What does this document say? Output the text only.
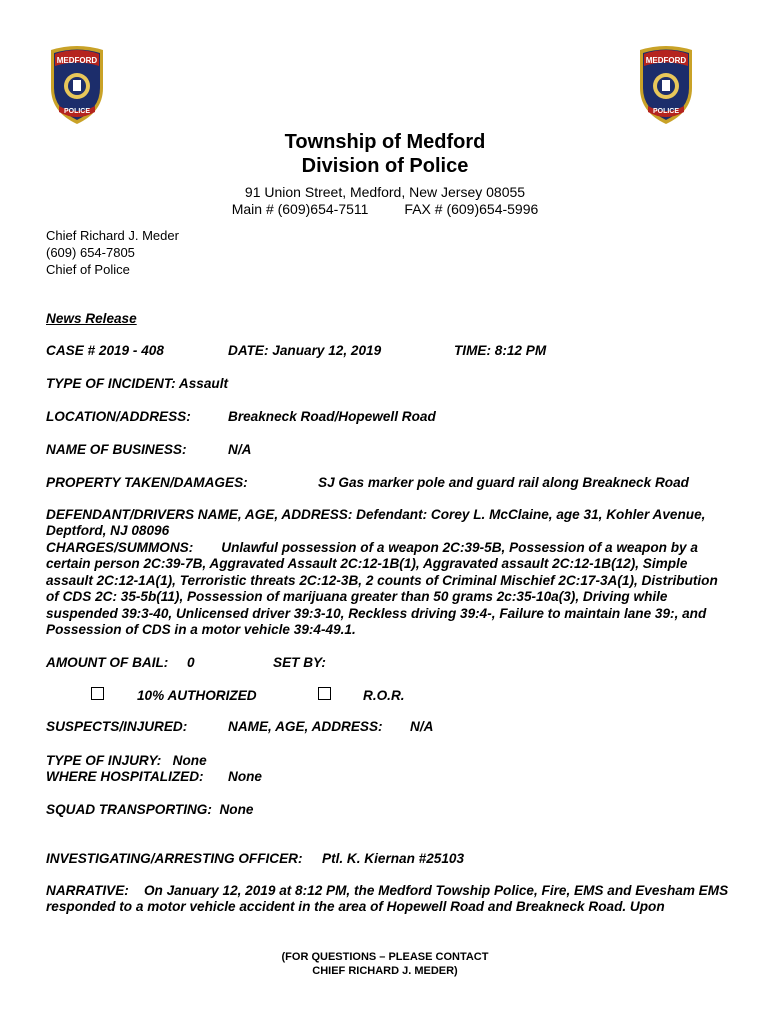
MEDFORD
POLICE
MEDFORD
POLICE
Township of Medford
Division of Police
91 Union Street, Medford, New Jersey 08055
Main # (609)654-7511	FAX # (609)654-5996
Chief Richard J. Meder
(609) 654-7805
Chief of Police
News Release
CASE # 2019 - 408	DATE: January 12, 2019	TIME: 8:12 PM
TYPE OF INCIDENT: Assault
LOCATION/ADDRESS:	Breakneck Road/Hopewell Road
NAME OF BUSINESS:	N/A
PROPERTY TAKEN/DAMAGES:	SJ Gas marker pole and guard rail along Breakneck Road
DEFENDANT/DRIVERS NAME, AGE, ADDRESS: Defendant: Corey L. McClaine, age 31, Kohler Avenue, Deptford, NJ 08096
CHARGES/SUMMONS: Unlawful possession of a weapon 2C:39-5B, Possession of a weapon by a certain person 2C:39-7B, Aggravated Assault 2C:12-1B(1), Aggravated assault 2C:12-1B(12), Simple assault 2C:12-1A(1), Terroristic threats 2C:12-3B, 2 counts of Criminal Mischief 2C:17-3A(1), Distribution of CDS 2C: 35-5b(11), Possession of marijuana greater than 50 grams 2c:35-10a(3), Driving while suspended 39:3-40, Unlicensed driver 39:3-10, Reckless driving 39:4-, Failure to maintain lane 39:, and Possession of CDS in a motor vehicle 39:4-49.1.
AMOUNT OF BAIL: 0	SET BY:
10% AUTHORIZED	R.O.R.
SUSPECTS/INJURED:	NAME, AGE, ADDRESS: N/A
TYPE OF INJURY: None
WHERE HOSPITALIZED: None
SQUAD TRANSPORTING: None
INVESTIGATING/ARRESTING OFFICER: Ptl. K. Kiernan #25103
NARRATIVE: On January 12, 2019 at 8:12 PM, the Medford Towship Police, Fire, EMS and Evesham EMS responded to a motor vehicle accident in the area of Hopewell Road and Breakneck Road. Upon
(FOR QUESTIONS – PLEASE CONTACT
CHIEF RICHARD J. MEDER)
